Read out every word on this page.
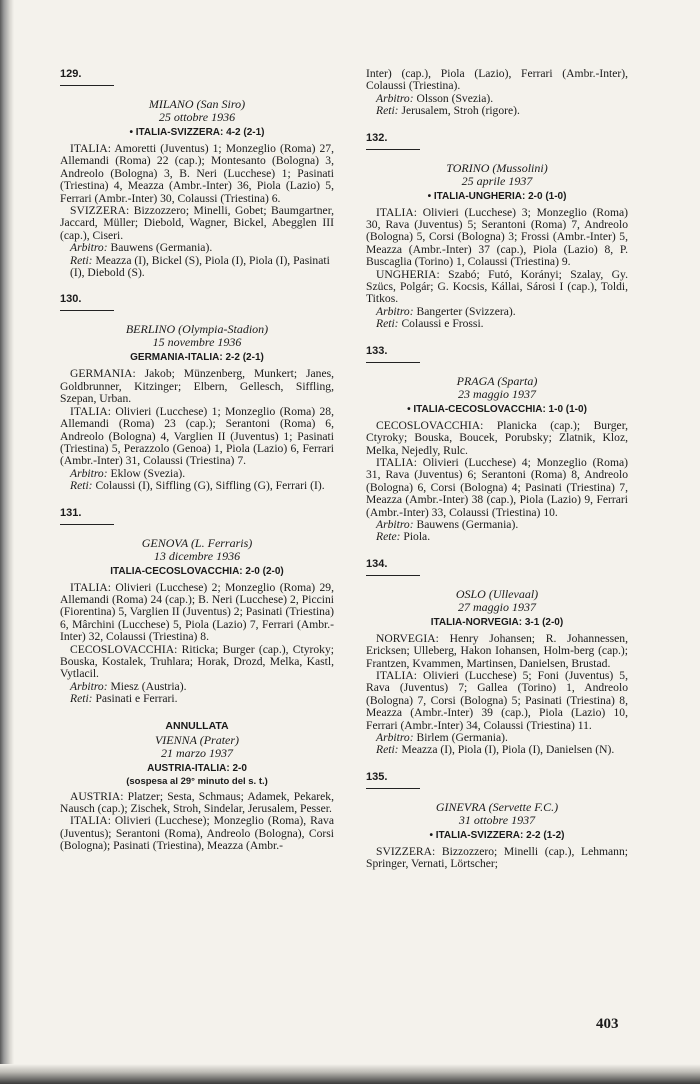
129.
MILANO (San Siro)
25 ottobre 1936
• ITALIA-SVIZZERA: 4-2 (2-1)

ITALIA: Amoretti (Juventus) 1; Monzeglio (Roma) 27, Allemandi (Roma) 22 (cap.); Montesanto (Bologna) 3, Andreolo (Bologna) 3, B. Neri (Lucchese) 1; Pasinati (Triestina) 4, Meazza (Ambr.-Inter) 36, Piola (Lazio) 5, Ferrari (Ambr.-Inter) 30, Colaussi (Triestina) 6.

SVIZZERA: Bizzozzero; Minelli, Gobet; Baumgartner, Jaccard, Müller; Diebold, Wagner, Bickel, Abegglen III (cap.), Ciseri.

Arbitro: Bauwens (Germania).

Reti: Meazza (I), Bickel (S), Piola (I), Piola (I), Pasinati (I), Diebold (S).

130.
BERLINO (Olympia-Stadion)
15 novembre 1936
GERMANIA-ITALIA: 2-2 (2-1)

GERMANIA: Jakob; Münzenberg, Munkert; Janes, Goldbrunner, Kitzinger; Elbern, Gellesch, Siffling, Szepan, Urban.

ITALIA: Olivieri (Lucchese) 1; Monzeglio (Roma) 28, Allemandi (Roma) 23 (cap.); Serantoni (Roma) 6, Andreolo (Bologna) 4, Varglien II (Juventus) 1; Pasinati (Triestina) 5, Perazzolo (Genoa) 1, Piola (Lazio) 6, Ferrari (Ambr.-Inter) 31, Colaussi (Triestina) 7.

Arbitro: Eklow (Svezia).

Reti: Colaussi (I), Siffling (G), Siffling (G), Ferrari (I).

131.
GENOVA (L. Ferraris)
13 dicembre 1936
ITALIA-CECOSLOVACCHIA: 2-0 (2-0)

ITALIA: Olivieri (Lucchese) 2; Monzeglio (Roma) 29, Allemandi (Roma) 24 (cap.); B. Neri (Lucchese) 2, Piccini (Fiorentina) 5, Varglien II (Juventus) 2; Pasinati (Triestina) 6, Mârchini (Lucchese) 5, Piola (Lazio) 7, Ferrari (Ambr.-Inter) 32, Colaussi (Triestina) 8.

CECOSLOVACCHIA: Riticka; Burger (cap.), Ctyroky; Bouska, Kostalek, Truhlara; Horak, Drozd, Melka, Kastl, Vytlacil.

Arbitro: Miesz (Austria).

Reti: Pasinati e Ferrari.

ANNULLATA
VIENNA (Prater)
21 marzo 1937
AUSTRIA-ITALIA: 2-0
(sospesa al 29° minuto del s. t.)

AUSTRIA: Platzer; Sesta, Schmaus; Adamek, Pekarek, Nausch (cap.); Zischek, Stroh, Sindelar, Jerusalem, Pesser.

ITALIA: Olivieri (Lucchese); Monzeglio (Roma), Rava (Juventus); Serantoni (Roma), Andreolo (Bologna), Corsi (Bologna); Pasinati (Triestina), Meazza (Ambr.-

Inter) (cap.), Piola (Lazio), Ferrari (Ambr.-Inter), Colaussi (Triestina).

Arbitro: Olsson (Svezia).

Reti: Jerusalem, Stroh (rigore).

132.
TORINO (Mussolini)
25 aprile 1937
• ITALIA-UNGHERIA: 2-0 (1-0)

ITALIA: Olivieri (Lucchese) 3; Monzeglio (Roma) 30, Rava (Juventus) 5; Serantoni (Roma) 7, Andreolo (Bologna) 5, Corsi (Bologna) 3; Frossi (Ambr.-Inter) 5, Meazza (Ambr.-Inter) 37 (cap.), Piola (Lazio) 8, P. Buscaglia (Torino) 1, Colaussi (Triestina) 9.

UNGHERIA: Szabó; Futó, Korányi; Szalay, Gy. Szücs, Polgár; G. Kocsis, Kállai, Sárosi I (cap.), Toldi, Titkos.

Arbitro: Bangerter (Svizzera).

Reti: Colaussi e Frossi.

133.
PRAGA (Sparta)
23 maggio 1937
• ITALIA-CECOSLOVACCHIA: 1-0 (1-0)

CECOSLOVACCHIA: Planicka (cap.); Burger, Ctyroky; Bouska, Boucek, Porubsky; Zlatnik, Kloz, Melka, Nejedly, Rulc.

ITALIA: Olivieri (Lucchese) 4; Monzeglio (Roma) 31, Rava (Juventus) 6; Serantoni (Roma) 8, Andreolo (Bologna) 6, Corsi (Bologna) 4; Pasinati (Triestina) 7, Meazza (Ambr.-Inter) 38 (cap.), Piola (Lazio) 9, Ferrari (Ambr.-Inter) 33, Colaussi (Triestina) 10.

Arbitro: Bauwens (Germania).

Rete: Piola.

134.
OSLO (Ullevaal)
27 maggio 1937
ITALIA-NORVEGIA: 3-1 (2-0)

NORVEGIA: Henry Johansen; R. Johannessen, Ericksen; Ulleberg, Hakon Iohansen, Holm-berg (cap.); Frantzen, Kvammen, Martinsen, Danielsen, Brustad.

ITALIA: Olivieri (Lucchese) 5; Foni (Juventus) 5, Rava (Juventus) 7; Gallea (Torino) 1, Andreolo (Bologna) 7, Corsi (Bologna) 5; Pasinati (Triestina) 8, Meazza (Ambr.-Inter) 39 (cap.), Piola (Lazio) 10, Ferrari (Ambr.-Inter) 34, Colaussi (Triestina) 11.

Arbitro: Birlem (Germania).

Reti: Meazza (I), Piola (I), Piola (I), Danielsen (N).

135.
GINEVRA (Servette F.C.)
31 ottobre 1937
• ITALIA-SVIZZERA: 2-2 (1-2)

SVIZZERA: Bizzozzero; Minelli (cap.), Lehmann; Springer, Vernati, Lörtscher;

403
